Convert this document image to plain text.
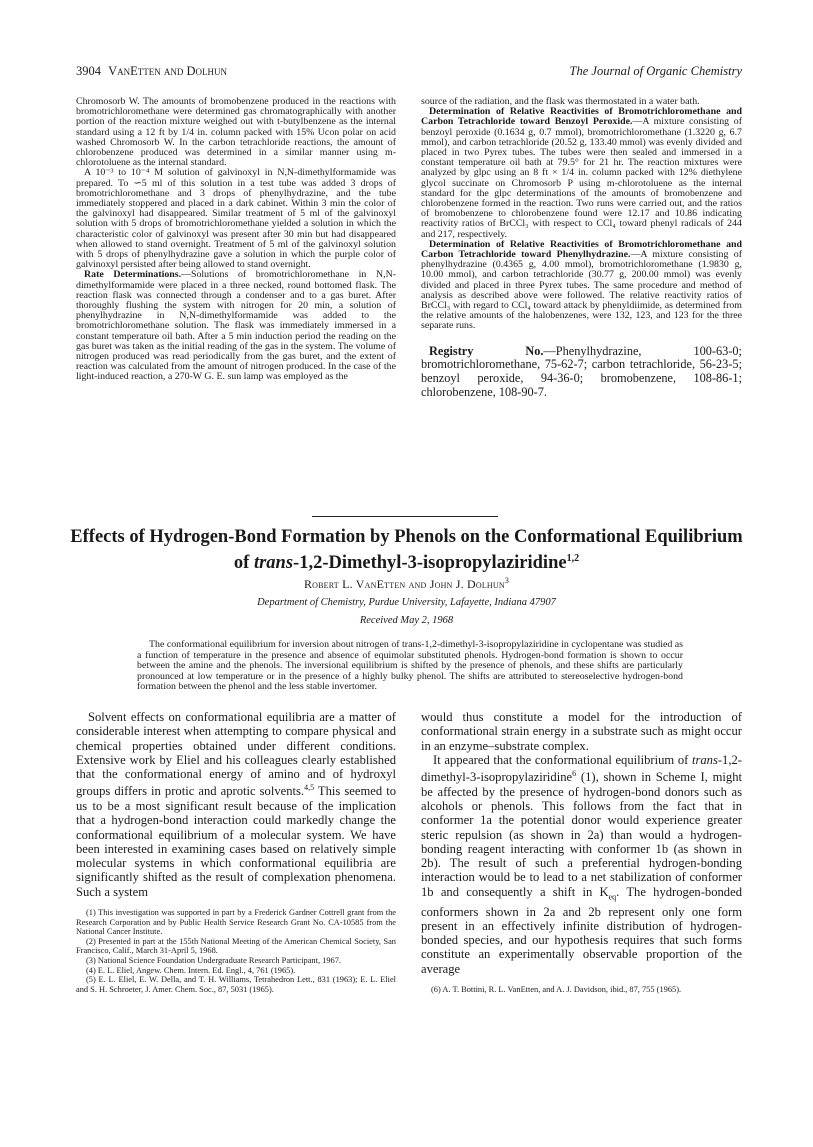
3904 VanEtten and Dolhun	The Journal of Organic Chemistry

Chromosorb W. The amounts of bromobenzene produced in the reactions with bromotrichloromethane were determined gas chromatographically with another portion of the reaction mixture weighed out with t-butylbenzene as the internal standard using a 12 ft by 1/4 in. column packed with 15% Ucon polar on acid washed Chromosorb W. In the carbon tetrachloride reactions, the amount of chlorobenzene produced was determined in a similar manner using m-chlorotoluene as the internal standard.

A 10⁻³ to 10⁻⁴ M solution of galvinoxyl in N,N-dimethylformamide was prepared. To ∽5 ml of this solution in a test tube was added 3 drops of bromotrichloromethane and 3 drops of phenylhydrazine, and the tube immediately stoppered and placed in a dark cabinet. Within 3 min the color of the galvinoxyl had disappeared. Similar treatment of 5 ml of the galvinoxyl solution with 5 drops of bromotrichloromethane yielded a solution in which the characteristic color of galvinoxyl was present after 30 min but had disappeared when allowed to stand overnight. Treatment of 5 ml of the galvinoxyl solution with 5 drops of phenylhydrazine gave a solution in which the purple color of galvinoxyl persisted after being allowed to stand overnight.

Rate Determinations.—Solutions of bromotrichloromethane in N,N-dimethylformamide were placed in a three necked, round bottomed flask. The reaction flask was connected through a condenser and to a gas buret. After thoroughly flushing the system with nitrogen for 20 min, a solution of phenylhydrazine in N,N-dimethylformamide was added to the bromotrichloromethane solution. The flask was immediately immersed in a constant temperature oil bath. After a 5 min induction period the reading on the gas buret was taken as the initial reading of the gas in the system. The volume of nitrogen produced was read periodically from the gas buret, and the extent of reaction was calculated from the amount of nitrogen produced. In the case of the light-induced reaction, a 270-W G. E. sun lamp was employed as the

source of the radiation, and the flask was thermostated in a water bath.

Determination of Relative Reactivities of Bromotrichloromethane and Carbon Tetrachloride toward Benzoyl Peroxide.—A mixture consisting of benzoyl peroxide (0.1634 g, 0.7 mmol), bromotrichloromethane (1.3220 g, 6.7 mmol), and carbon tetrachloride (20.52 g, 133.40 mmol) was evenly divided and placed in two Pyrex tubes. The tubes were then sealed and immersed in a constant temperature oil bath at 79.5° for 21 hr. The reaction mixtures were analyzed by glpc using an 8 ft × 1/4 in. column packed with 12% diethylene glycol succinate on Chromosorb P using m-chlorotoluene as the internal standard for the glpc determinations of the amounts of bromobenzene and chlorobenzene formed in the reaction. Two runs were carried out, and the ratios of bromobenzene to chlorobenzene found were 12.17 and 10.86 indicating reactivity ratios of BrCCl₃ with respect to CCl₄ toward phenyl radicals of 244 and 217, respectively.

Determination of Relative Reactivities of Bromotrichloromethane and Carbon Tetrachloride toward Phenylhydrazine.—A mixture consisting of phenylhydrazine (0.4365 g, 4.00 mmol), bromotrichloromethane (1.9830 g, 10.00 mmol), and carbon tetrachloride (30.77 g, 200.00 mmol) was evenly divided and placed in three Pyrex tubes. The same procedure and method of analysis as described above were followed. The relative reactivity ratios of BrCCl₃ with regard to CCl₄ toward attack by phenyldiimide, as determined from the relative amounts of the halobenzenes, were 132, 123, and 123 for the three separate runs.

Registry No.—Phenylhydrazine, 100-63-0; bromotrichloromethane, 75-62-7; carbon tetrachloride, 56-23-5; benzoyl peroxide, 94-36-0; bromobenzene, 108-86-1; chlorobenzene, 108-90-7.

Effects of Hydrogen-Bond Formation by Phenols on the Conformational Equilibrium
of trans-1,2-Dimethyl-3-isopropylaziridine$^{1,2}$
Robert L. VanEtten and John J. Dolhun$^3$
Department of Chemistry, Purdue University, Lafayette, Indiana 47907
Received May 2, 1968

The conformational equilibrium for inversion about nitrogen of trans-1,2-dimethyl-3-isopropylaziridine in cyclopentane was studied as a function of temperature in the presence and absence of equimolar substituted phenols. Hydrogen-bond formation is shown to occur between the amine and the phenols. The inversional equilibrium is shifted by the presence of phenols, and these shifts are particularly pronounced at low temperature or in the presence of a highly bulky phenol. The shifts are attributed to stereoselective hydrogen-bond formation between the phenol and the less stable invertomer.

Solvent effects on conformational equilibria are a matter of considerable interest when attempting to compare physical and chemical properties obtained under different conditions. Extensive work by Eliel and his colleagues clearly established that the conformational energy of amino and of hydroxyl groups differs in protic and aprotic solvents.$^{4,5}$ This seemed to us to be a most significant result because of the implication that a hydrogen-bond interaction could markedly change the conformational equilibrium of a molecular system. We have been interested in examining cases based on relatively simple molecular systems in which conformational equilibria are significantly shifted as the result of complexation phenomena. Such a system

(1) This investigation was supported in part by a Frederick Gardner Cottrell grant from the Research Corporation and by Public Health Service Research Grant No. CA-10585 from the National Cancer Institute.

(2) Presented in part at the 155th National Meeting of the American Chemical Society, San Francisco, Calif., March 31-April 5, 1968.

(3) National Science Foundation Undergraduate Research Participant, 1967.

(4) E. L. Eliel, Angew. Chem. Intern. Ed. Engl., 4, 761 (1965).

(5) E. L. Eliel, E. W. Della, and T. H. Williams, Tetrahedron Lett., 831 (1963); E. L. Eliel and S. H. Schroeter, J. Amer. Chem. Soc., 87, 5031 (1965).

would thus constitute a model for the introduction of conformational strain energy in a substrate such as might occur in an enzyme–substrate complex.

It appeared that the conformational equilibrium of trans-1,2-dimethyl-3-isopropylaziridine$^6$ (1), shown in Scheme I, might be affected by the presence of hydrogen-bond donors such as alcohols or phenols. This follows from the fact that in conformer 1a the potential donor would experience greater steric repulsion (as shown in 2a) than would a hydrogen-bonding reagent interacting with conformer 1b (as shown in 2b). The result of such a preferential hydrogen-bonding interaction would be to lead to a net stabilization of conformer 1b and consequently a shift in $K_{eq}$. The hydrogen-bonded conformers shown in 2a and 2b represent only one form present in an effectively infinite distribution of hydrogen-bonded species, and our hypothesis requires that such forms constitute an experimentally observable proportion of the average

(6) A. T. Bottini, R. L. VanEtten, and A. J. Davidson, ibid., 87, 755 (1965).
